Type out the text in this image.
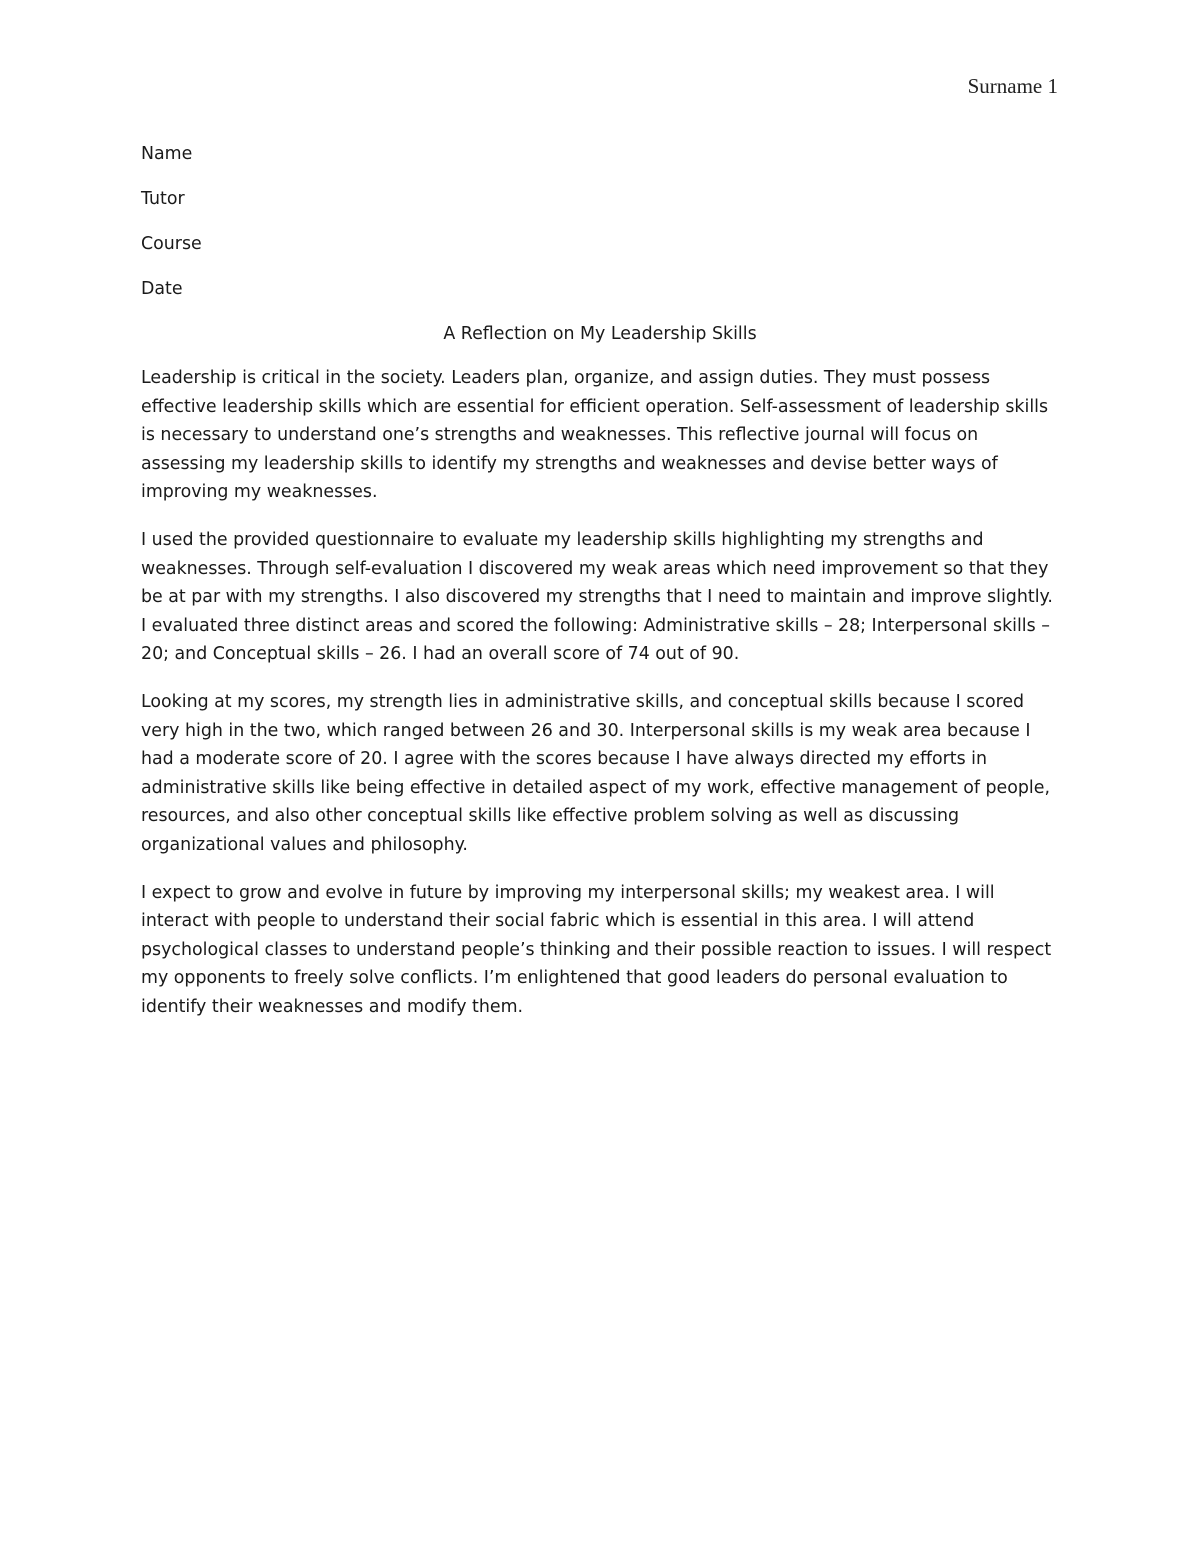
Surname 1
Name
Tutor
Course
Date
A Reflection on My Leadership Skills

Leadership is critical in the society. Leaders plan, organize, and assign duties. They must possess effective leadership skills which are essential for efficient operation. Self-assessment of leadership skills is necessary to understand one’s strengths and weaknesses. This reflective journal will focus on assessing my leadership skills to identify my strengths and weaknesses and devise better ways of improving my weaknesses.

I used the provided questionnaire to evaluate my leadership skills highlighting my strengths and weaknesses. Through self-evaluation I discovered my weak areas which need improvement so that they be at par with my strengths. I also discovered my strengths that I need to maintain and improve slightly. I evaluated three distinct areas and scored the following: Administrative skills – 28; Interpersonal skills – 20; and Conceptual skills – 26. I had an overall score of 74 out of 90.

Looking at my scores, my strength lies in administrative skills, and conceptual skills because I scored very high in the two, which ranged between 26 and 30. Interpersonal skills is my weak area because I had a moderate score of 20. I agree with the scores because I have always directed my efforts in administrative skills like being effective in detailed aspect of my work, effective management of people, resources, and also other conceptual skills like effective problem solving as well as discussing organizational values and philosophy.

I expect to grow and evolve in future by improving my interpersonal skills; my weakest area. I will interact with people to understand their social fabric which is essential in this area. I will attend psychological classes to understand people’s thinking and their possible reaction to issues. I will respect my opponents to freely solve conflicts. I’m enlightened that good leaders do personal evaluation to identify their weaknesses and modify them.
